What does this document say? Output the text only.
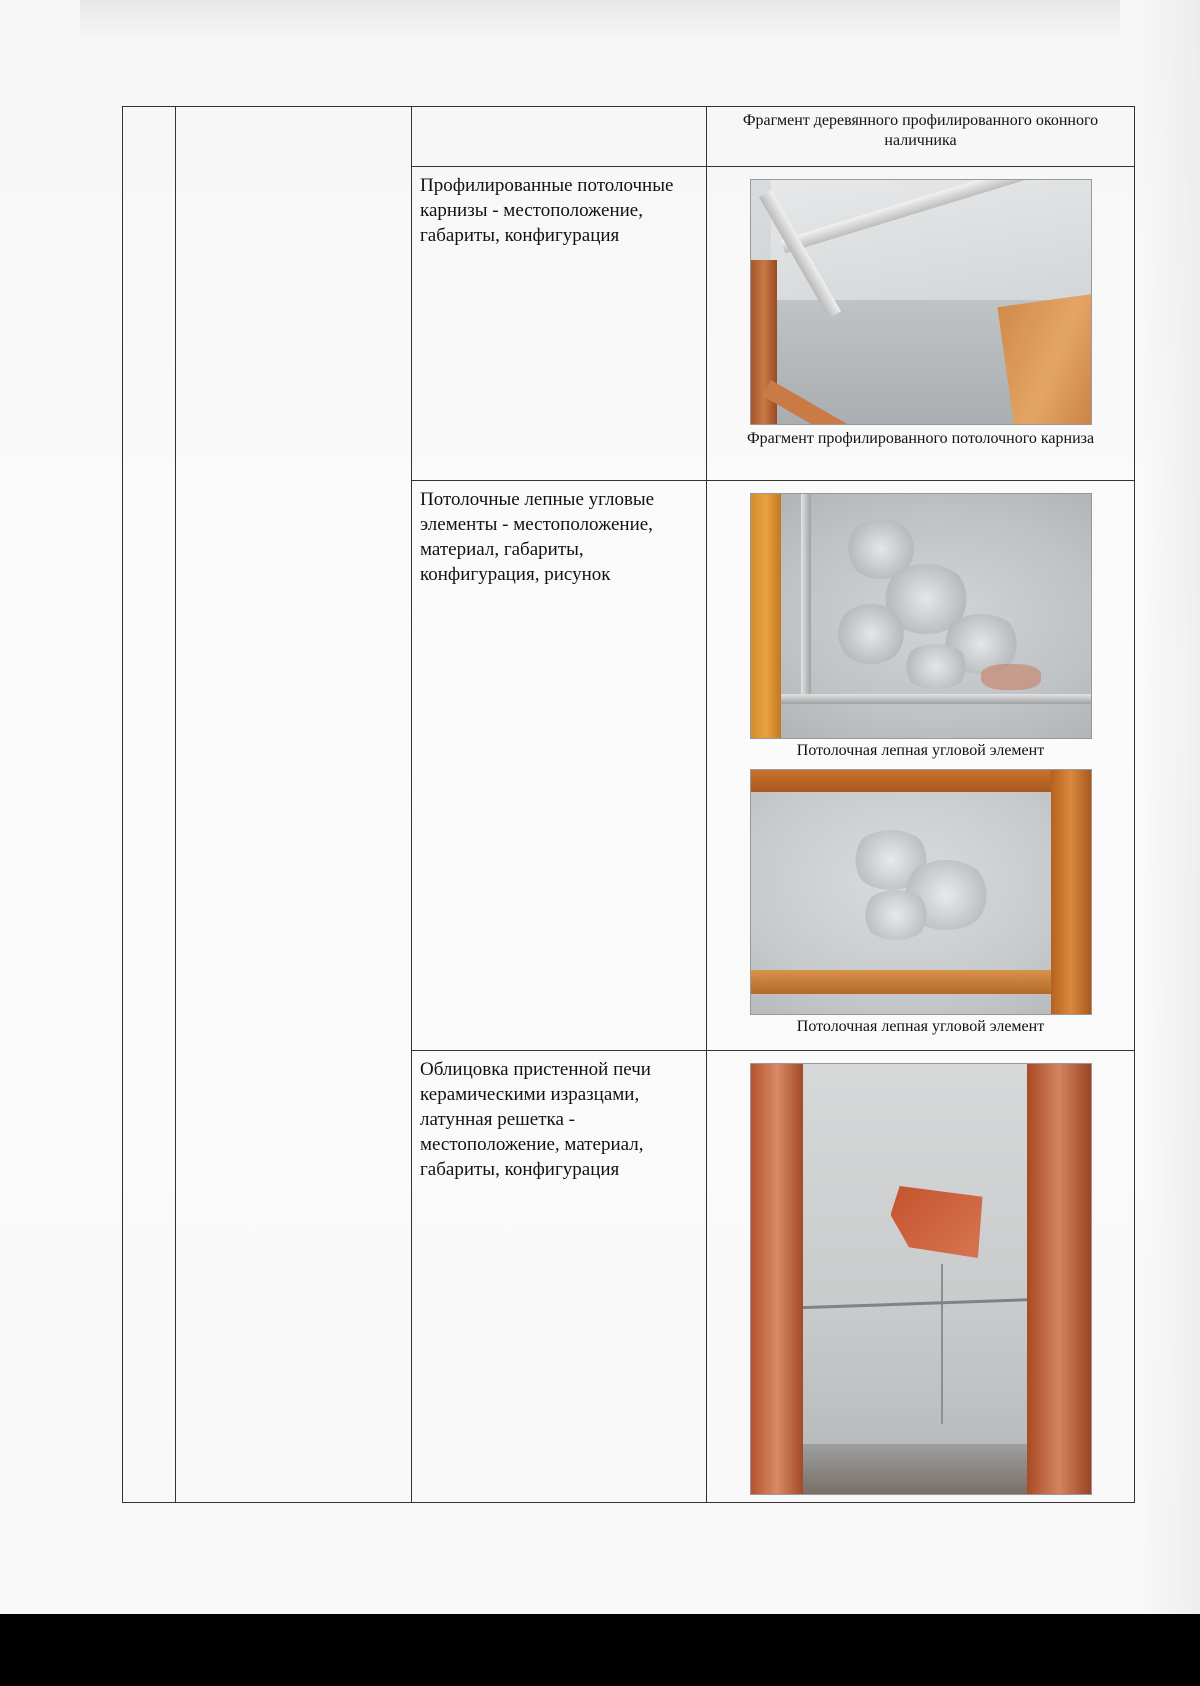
			Фрагмент деревянного профилированного оконного наличника

		Профилированные потолочные карнизы - местоположение, габариты, конфигурация	Фрагмент профилированного потолочного карниза

		Потолочные лепные угловые элементы - местоположение, материал, габариты, конфигурация, рисунок	Потолочная лепная угловой элемент
Потолочная лепная угловой элемент

		Облицовка пристенной печи керамическими изразцами, латунная решетка - местоположение, материал, габариты, конфигурация	
